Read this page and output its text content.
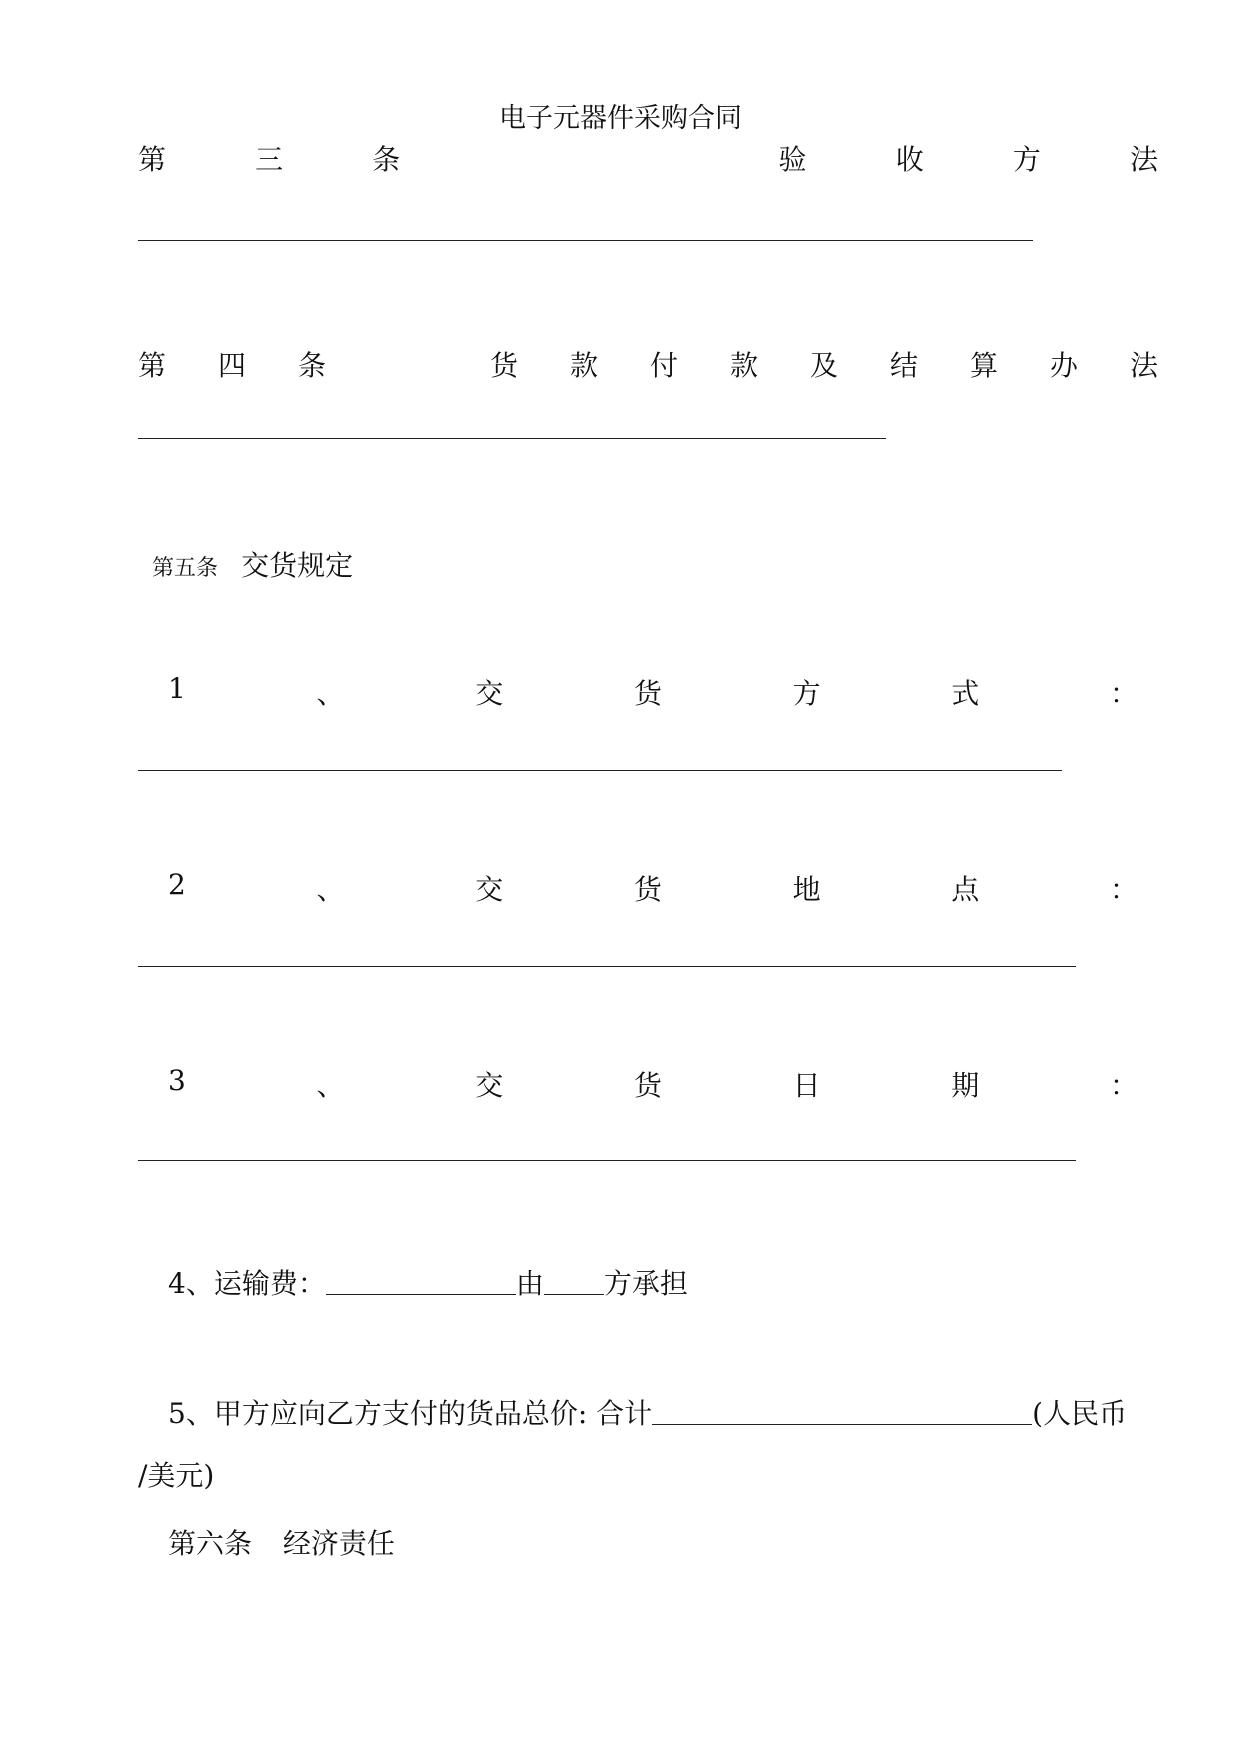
电子元器件采购合同
第	三	条	验	收	方	法
第 四 条	货 款 付 款 及 结 算 办 法
第五条 交货规定
1	、	交	货	方	式	：
2	、	交	货	地	点	：
3	、	交	货	日	期	：
4、运输费：	由 方承担
5、甲方应向乙方支付的货品总价: 合计	(人民币
/美元)
第六条 经济责任
